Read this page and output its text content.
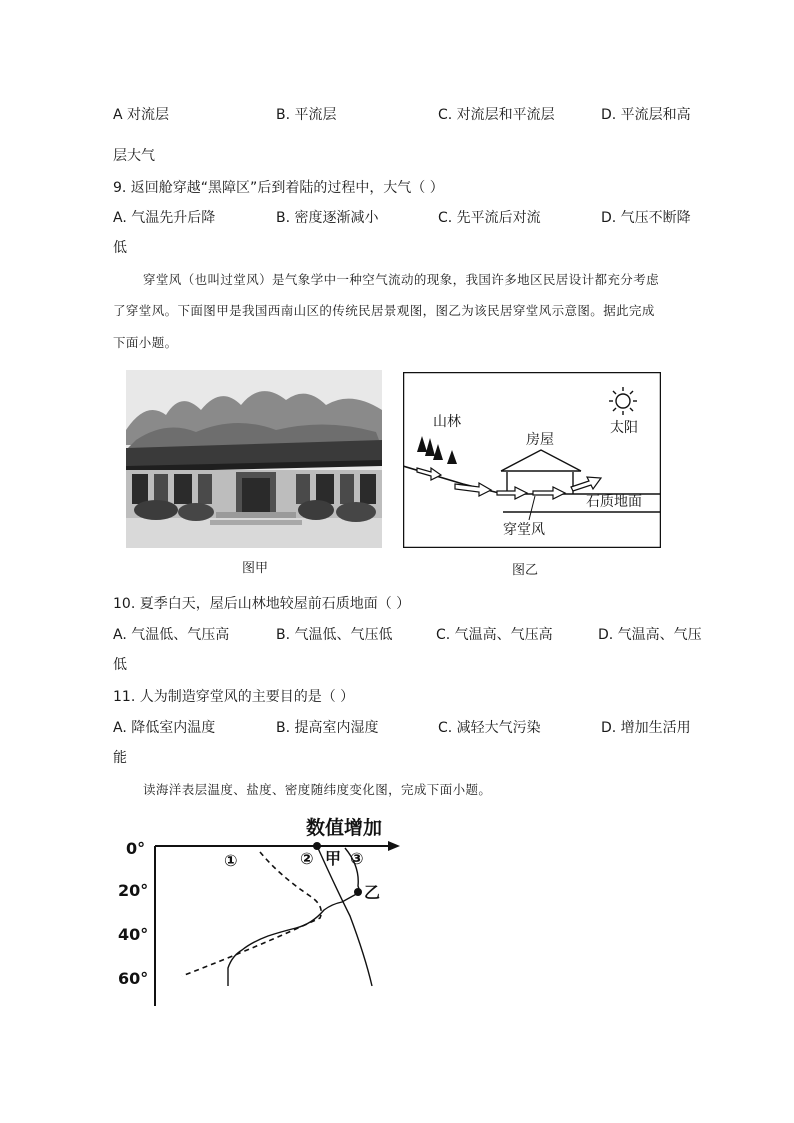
A 对流层	B. 平流层	C. 对流层和平流层	D. 平流层和高
层大气
9. 返回舱穿越“黑障区”后到着陆的过程中，大气（ ）
A. 气温先升后降	B. 密度逐渐减小	C. 先平流后对流	D. 气压不断降
低
穿堂风（也叫过堂风）是气象学中一种空气流动的现象，我国许多地区民居设计都充分考虑
了穿堂风。下面图甲是我国西南山区的传统民居景观图，图乙为该民居穿堂风示意图。据此完成
下面小题。
图甲
山林
房屋
太阳
石质地面
穿堂风
图乙
10. 夏季白天，屋后山林地较屋前石质地面（ ）
A. 气温低、气压高	B. 气温低、气压低	C. 气温高、气压高	D. 气温高、气压
低
11. 人为制造穿堂风的主要目的是（ ）
A. 降低室内温度	B. 提高室内湿度	C. 减轻大气污染	D. 增加生活用
能
读海洋表层温度、盐度、密度随纬度变化图，完成下面小题。
数值增加
0°
20°
40°
60°
①	② 甲 ③
乙
